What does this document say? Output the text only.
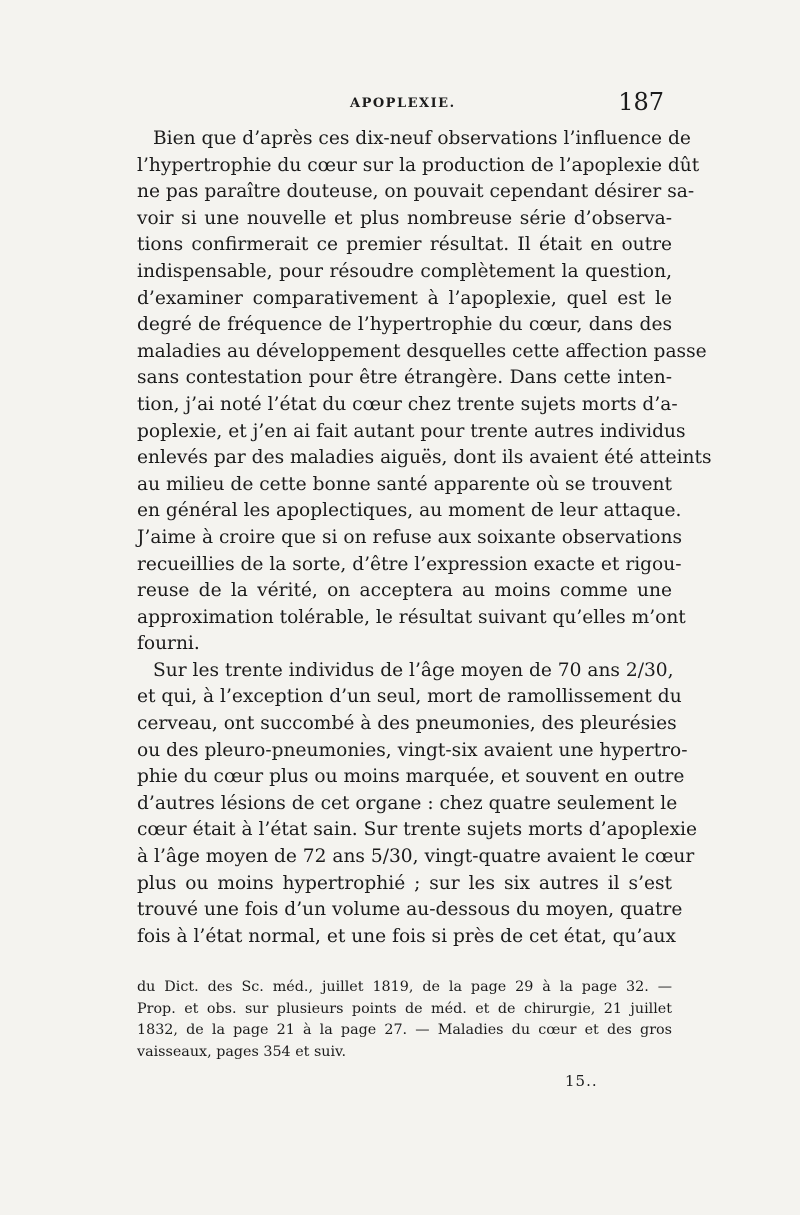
APOPLEXIE.	187

Bien que d’après ces dix-neuf observations l’influence de
l’hypertrophie du cœur sur la production de l’apoplexie dût
ne pas paraître douteuse, on pouvait cependant désirer sa-
voir si une nouvelle et plus nombreuse série d’observa-
tions confirmerait ce premier résultat. Il était en outre
indispensable, pour résoudre complètement la question,
d’examiner comparativement à l’apoplexie, quel est le
degré de fréquence de l’hypertrophie du cœur, dans des
maladies au développement desquelles cette affection passe
sans contestation pour être étrangère. Dans cette inten-
tion, j’ai noté l’état du cœur chez trente sujets morts d’a-
poplexie, et j’en ai fait autant pour trente autres individus
enlevés par des maladies aiguës, dont ils avaient été atteints
au milieu de cette bonne santé apparente où se trouvent
en général les apoplectiques, au moment de leur attaque.
J’aime à croire que si on refuse aux soixante observations
recueillies de la sorte, d’être l’expression exacte et rigou-
reuse de la vérité, on acceptera au moins comme une
approximation tolérable, le résultat suivant qu’elles m’ont
fourni.

Sur les trente individus de l’âge moyen de 70 ans 2/30,
et qui, à l’exception d’un seul, mort de ramollissement du
cerveau, ont succombé à des pneumonies, des pleurésies
ou des pleuro-pneumonies, vingt-six avaient une hypertro-
phie du cœur plus ou moins marquée, et souvent en outre
d’autres lésions de cet organe : chez quatre seulement le
cœur était à l’état sain. Sur trente sujets morts d’apoplexie
à l’âge moyen de 72 ans 5/30, vingt-quatre avaient le cœur
plus ou moins hypertrophié ; sur les six autres il s’est
trouvé une fois d’un volume au-dessous du moyen, quatre
fois à l’état normal, et une fois si près de cet état, qu’aux

du Dict. des Sc. méd., juillet 1819, de la page 29 à la page 32. —
Prop. et obs. sur plusieurs points de méd. et de chirurgie, 21 juillet
1832, de la page 21 à la page 27. — Maladies du cœur et des gros
vaisseaux, pages 354 et suiv.
15..
